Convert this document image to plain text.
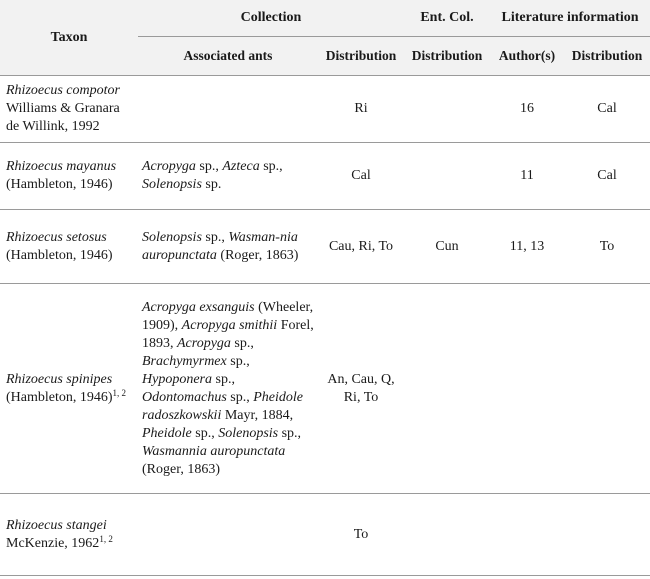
Taxon	Collection		Ent. Col.	Literature information	
	Associated ants	Distribution	Distribution	Author(s)	Distribution
Rhizoecus compotor
Williams & Granara de Willink, 1992		Ri		16	Cal
Rhizoecus mayanus
(Hambleton, 1946)	Acropyga sp., Azteca sp., Solenopsis sp.	Cal		11	Cal
Rhizoecus setosus
(Hambleton, 1946)	Solenopsis sp., Wasman-nia auropunctata (Roger, 1863)	Cau, Ri, To	Cun	11, 13	To
Rhizoecus spinipes
(Hambleton, 1946)$^{1, 2}$	Acropyga exsanguis (Wheeler, 1909), Acropyga smithii Forel, 1893, Acropyga sp., Brachymyrmex sp., Hypoponera sp., Odontomachus sp., Pheidole radoszkowskii Mayr, 1884, Pheidole sp., Solenopsis sp., Wasmannia auropunctata (Roger, 1863)	An, Cau, Q, Ri, To			
Rhizoecus stangei
McKenzie, 1962$^{1, 2}$		To			
